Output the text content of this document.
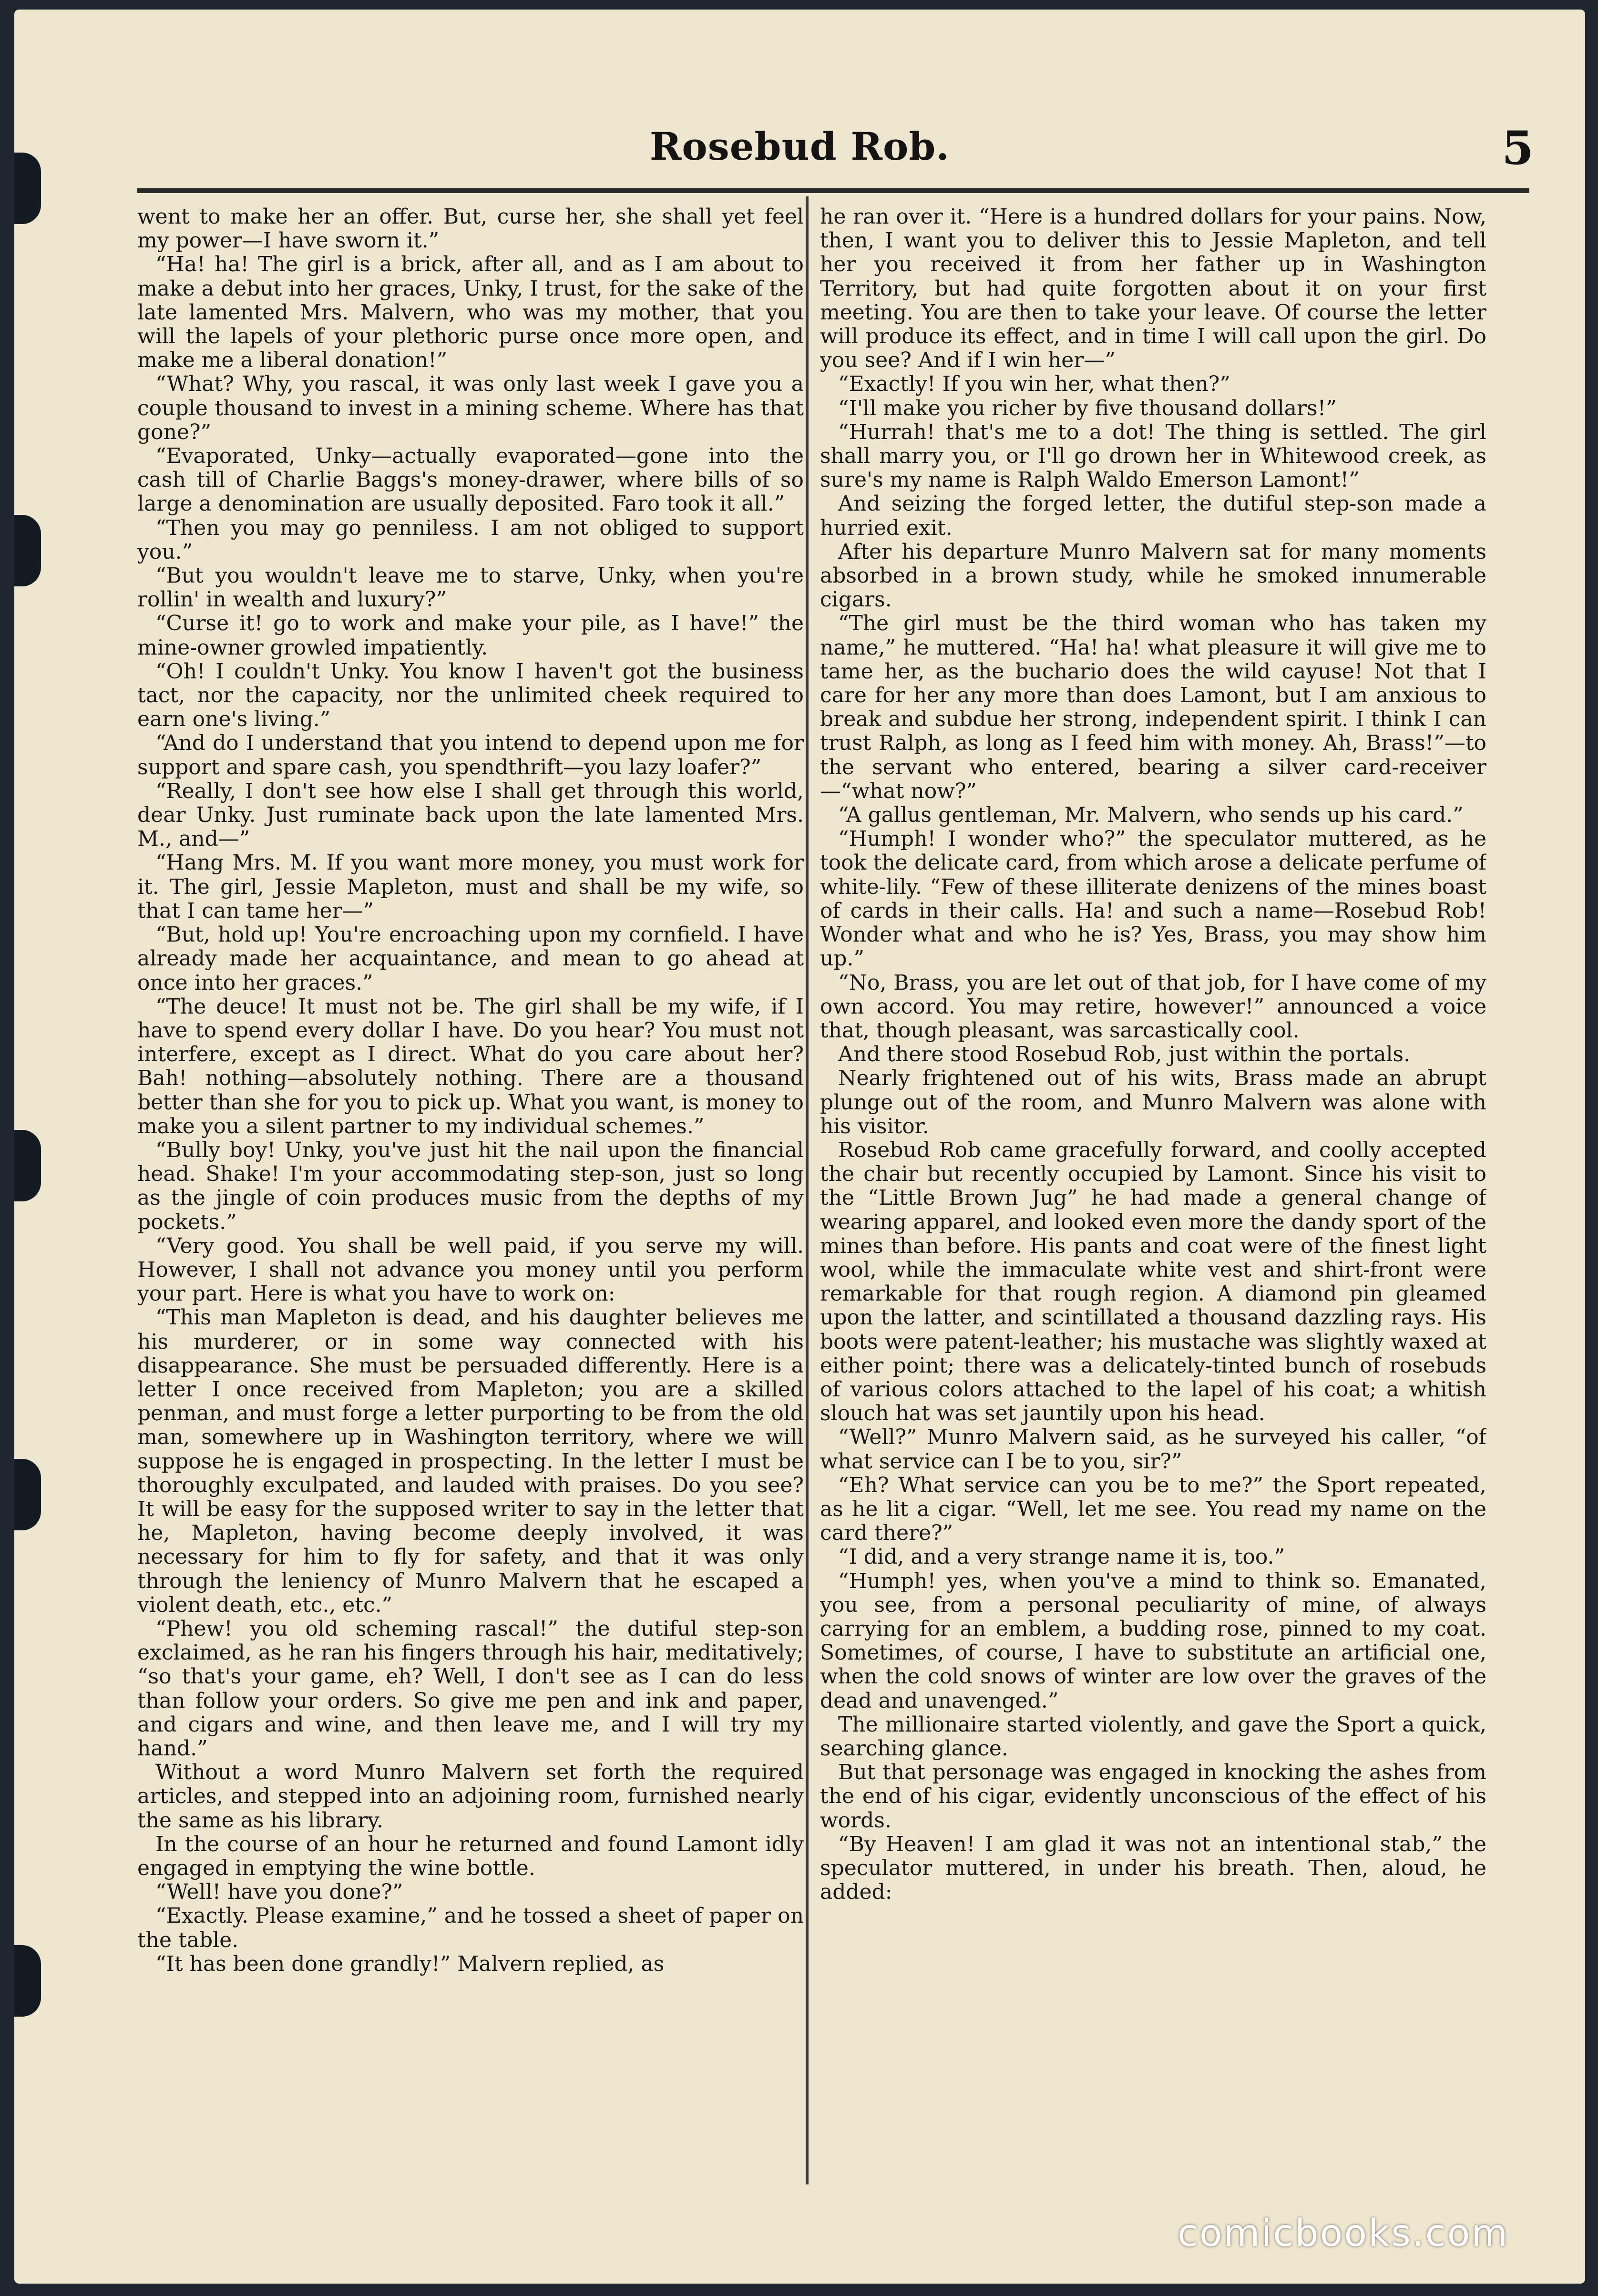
Rosebud Rob.	5

went to make her an offer. But, curse her, she shall yet feel my power—I have sworn it.”

“Ha! ha! The girl is a brick, after all, and as I am about to make a debut into her graces, Unky, I trust, for the sake of the late lamented Mrs. Malvern, who was my mother, that you will the lapels of your plethoric purse once more open, and make me a liberal donation!”

“What? Why, you rascal, it was only last week I gave you a couple thousand to invest in a mining scheme. Where has that gone?”

“Evaporated, Unky—actually evaporated—gone into the cash till of Charlie Baggs's money-drawer, where bills of so large a denomination are usually deposited. Faro took it all.”

“Then you may go penniless. I am not obliged to support you.”

“But you wouldn't leave me to starve, Unky, when you're rollin' in wealth and luxury?”

“Curse it! go to work and make your pile, as I have!” the mine-owner growled impatiently.

“Oh! I couldn't Unky. You know I haven't got the business tact, nor the capacity, nor the unlimited cheek required to earn one's living.”

“And do I understand that you intend to depend upon me for support and spare cash, you spendthrift—you lazy loafer?”

“Really, I don't see how else I shall get through this world, dear Unky. Just ruminate back upon the late lamented Mrs. M., and—”

“Hang Mrs. M. If you want more money, you must work for it. The girl, Jessie Mapleton, must and shall be my wife, so that I can tame her—”

“But, hold up! You're encroaching upon my cornfield. I have already made her acquaintance, and mean to go ahead at once into her graces.”

“The deuce! It must not be. The girl shall be my wife, if I have to spend every dollar I have. Do you hear? You must not interfere, except as I direct. What do you care about her? Bah! nothing—absolutely nothing. There are a thousand better than she for you to pick up. What you want, is money to make you a silent partner to my individual schemes.”

“Bully boy! Unky, you've just hit the nail upon the financial head. Shake! I'm your accommodating step-son, just so long as the jingle of coin produces music from the depths of my pockets.”

“Very good. You shall be well paid, if you serve my will. However, I shall not advance you money until you perform your part. Here is what you have to work on:

“This man Mapleton is dead, and his daughter believes me his murderer, or in some way connected with his disappearance. She must be persuaded differently. Here is a letter I once received from Mapleton; you are a skilled penman, and must forge a letter purporting to be from the old man, somewhere up in Washington territory, where we will suppose he is engaged in prospecting. In the letter I must be thoroughly exculpated, and lauded with praises. Do you see? It will be easy for the supposed writer to say in the letter that he, Mapleton, having become deeply involved, it was necessary for him to fly for safety, and that it was only through the leniency of Munro Malvern that he escaped a violent death, etc., etc.”

“Phew! you old scheming rascal!” the dutiful step-son exclaimed, as he ran his fingers through his hair, meditatively; “so that's your game, eh? Well, I don't see as I can do less than follow your orders. So give me pen and ink and paper, and cigars and wine, and then leave me, and I will try my hand.”

Without a word Munro Malvern set forth the required articles, and stepped into an adjoining room, furnished nearly the same as his library.

In the course of an hour he returned and found Lamont idly engaged in emptying the wine bottle.

“Well! have you done?”

“Exactly. Please examine,” and he tossed a sheet of paper on the table.

“It has been done grandly!” Malvern replied, as

he ran over it. “Here is a hundred dollars for your pains. Now, then, I want you to deliver this to Jessie Mapleton, and tell her you received it from her father up in Washington Territory, but had quite forgotten about it on your first meeting. You are then to take your leave. Of course the letter will produce its effect, and in time I will call upon the girl. Do you see? And if I win her—”

“Exactly! If you win her, what then?”

“I'll make you richer by five thousand dollars!”

“Hurrah! that's me to a dot! The thing is settled. The girl shall marry you, or I'll go drown her in Whitewood creek, as sure's my name is Ralph Waldo Emerson Lamont!”

And seizing the forged letter, the dutiful step-son made a hurried exit.

After his departure Munro Malvern sat for many moments absorbed in a brown study, while he smoked innumerable cigars.

“The girl must be the third woman who has taken my name,” he muttered. “Ha! ha! what pleasure it will give me to tame her, as the buchario does the wild cayuse! Not that I care for her any more than does Lamont, but I am anxious to break and subdue her strong, independent spirit. I think I can trust Ralph, as long as I feed him with money. Ah, Brass!”—to the servant who entered, bearing a silver card-receiver—“what now?”

“A gallus gentleman, Mr. Malvern, who sends up his card.”

“Humph! I wonder who?” the speculator muttered, as he took the delicate card, from which arose a delicate perfume of white-lily. “Few of these illiterate denizens of the mines boast of cards in their calls. Ha! and such a name—Rosebud Rob! Wonder what and who he is? Yes, Brass, you may show him up.”

“No, Brass, you are let out of that job, for I have come of my own accord. You may retire, however!” announced a voice that, though pleasant, was sarcastically cool.

And there stood Rosebud Rob, just within the portals.

Nearly frightened out of his wits, Brass made an abrupt plunge out of the room, and Munro Malvern was alone with his visitor.

Rosebud Rob came gracefully forward, and coolly accepted the chair but recently occupied by Lamont. Since his visit to the “Little Brown Jug” he had made a general change of wearing apparel, and looked even more the dandy sport of the mines than before. His pants and coat were of the finest light wool, while the immaculate white vest and shirt-front were remarkable for that rough region. A diamond pin gleamed upon the latter, and scintillated a thousand dazzling rays. His boots were patent-leather; his mustache was slightly waxed at either point; there was a delicately-tinted bunch of rosebuds of various colors attached to the lapel of his coat; a whitish slouch hat was set jauntily upon his head.

“Well?” Munro Malvern said, as he surveyed his caller, “of what service can I be to you, sir?”

“Eh? What service can you be to me?” the Sport repeated, as he lit a cigar. “Well, let me see. You read my name on the card there?”

“I did, and a very strange name it is, too.”

“Humph! yes, when you've a mind to think so. Emanated, you see, from a personal peculiarity of mine, of always carrying for an emblem, a budding rose, pinned to my coat. Sometimes, of course, I have to substitute an artificial one, when the cold snows of winter are low over the graves of the dead and unavenged.”

The millionaire started violently, and gave the Sport a quick, searching glance.

But that personage was engaged in knocking the ashes from the end of his cigar, evidently unconscious of the effect of his words.

“By Heaven! I am glad it was not an intentional stab,” the speculator muttered, in under his breath. Then, aloud, he added:

comicbooks.com
